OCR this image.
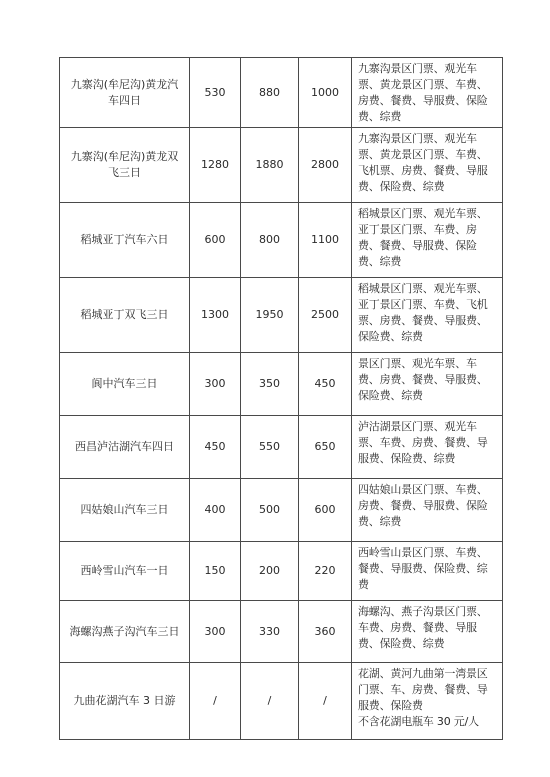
九寨沟(牟尼沟)黄龙汽车四日	530	880	1000	九寨沟景区门票、观光车票、黄龙景区门票、车费、房费、餐费、导服费、保险费、综费

九寨沟(牟尼沟)黄龙双飞三日	1280	1880	2800	九寨沟景区门票、观光车票、黄龙景区门票、车费、飞机票、房费、餐费、导服费、保险费、综费

稻城亚丁汽车六日	600	800	1100	稻城景区门票、观光车票、亚丁景区门票、车费、房费、餐费、导服费、保险费、综费

稻城亚丁双飞三日	1300	1950	2500	稻城景区门票、观光车票、亚丁景区门票、车费、飞机票、房费、餐费、导服费、保险费、综费

阆中汽车三日	300	350	450	景区门票、观光车票、车费、房费、餐费、导服费、保险费、综费

西昌泸沽湖汽车四日	450	550	650	泸沽湖景区门票、观光车票、车费、房费、餐费、导服费、保险费、综费

四姑娘山汽车三日	400	500	600	四姑娘山景区门票、车费、房费、餐费、导服费、保险费、综费

西岭雪山汽车一日	150	200	220	西岭雪山景区门票、车费、餐费、导服费、保险费、综费

海螺沟燕子沟汽车三日	300	330	360	海螺沟、燕子沟景区门票、车费、房费、餐费、导服费、保险费、综费

九曲花湖汽车 3 日游	/	/	/	花湖、黄河九曲第一湾景区门票、车、房费、餐费、导服费、保险费
不含花湖电瓶车 30 元/人
